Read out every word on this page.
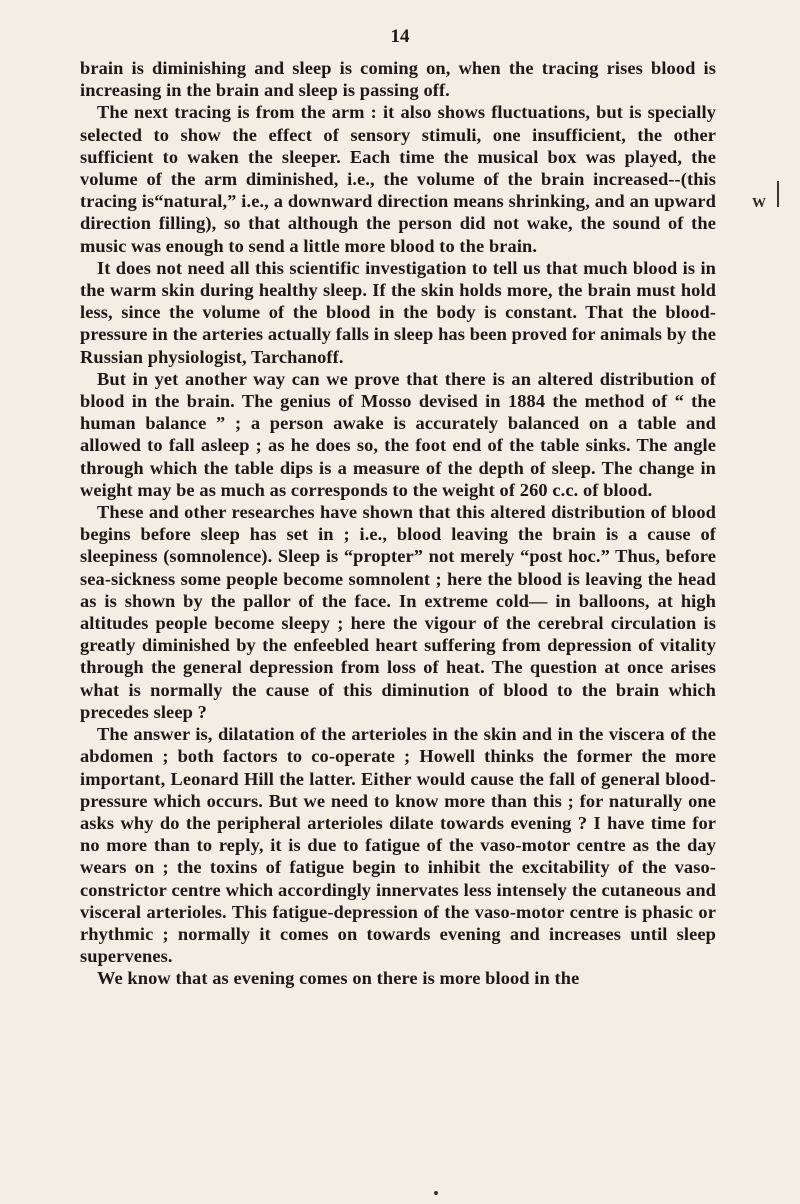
14

brain is diminishing and sleep is coming on, when the tracing rises blood is increasing in the brain and sleep is passing off.

The next tracing is from the arm : it also shows fluctuations, but is specially selected to show the effect of sensory stimuli, one insufficient, the other sufficient to waken the sleeper. Each time the musical box was played, the volume of the arm diminished, i.e., the volume of the brain increased--(this tracing is“natural,” i.e., a downward direction means shrinking, and an upward direction filling), so that although the person did not wake, the sound of the music was enough to send a little more blood to the brain.

It does not need all this scientific investigation to tell us that much blood is in the warm skin during healthy sleep. If the skin holds more, the brain must hold less, since the volume of the blood in the body is constant. That the blood-pressure in the arteries actually falls in sleep has been proved for animals by the Russian physiologist, Tarchanoff.

But in yet another way can we prove that there is an altered distribution of blood in the brain. The genius of Mosso devised in 1884 the method of “ the human balance ” ; a person awake is accurately balanced on a table and allowed to fall asleep ; as he does so, the foot end of the table sinks. The angle through which the table dips is a measure of the depth of sleep. The change in weight may be as much as corresponds to the weight of 260 c.c. of blood.

These and other researches have shown that this altered distribution of blood begins before sleep has set in ; i.e., blood leaving the brain is a cause of sleepiness (somnolence). Sleep is “propter” not merely “post hoc.” Thus, before sea-sickness some people become somnolent ; here the blood is leaving the head as is shown by the pallor of the face. In extreme cold— in balloons, at high altitudes people become sleepy ; here the vigour of the cerebral circulation is greatly diminished by the enfeebled heart suffering from depression of vitality through the general depression from loss of heat. The question at once arises what is normally the cause of this diminution of blood to the brain which precedes sleep ?

The answer is, dilatation of the arterioles in the skin and in the viscera of the abdomen ; both factors to co-operate ; Howell thinks the former the more important, Leonard Hill the latter. Either would cause the fall of general blood-pressure which occurs. But we need to know more than this ; for naturally one asks why do the peripheral arterioles dilate towards evening ? I have time for no more than to reply, it is due to fatigue of the vaso-motor centre as the day wears on ; the toxins of fatigue begin to inhibit the excitability of the vaso-constrictor centre which accordingly innervates less intensely the cutaneous and visceral arterioles. This fatigue-depression of the vaso-motor centre is phasic or rhythmic ; normally it comes on towards evening and increases until sleep supervenes.

We know that as evening comes on there is more blood in the

W
